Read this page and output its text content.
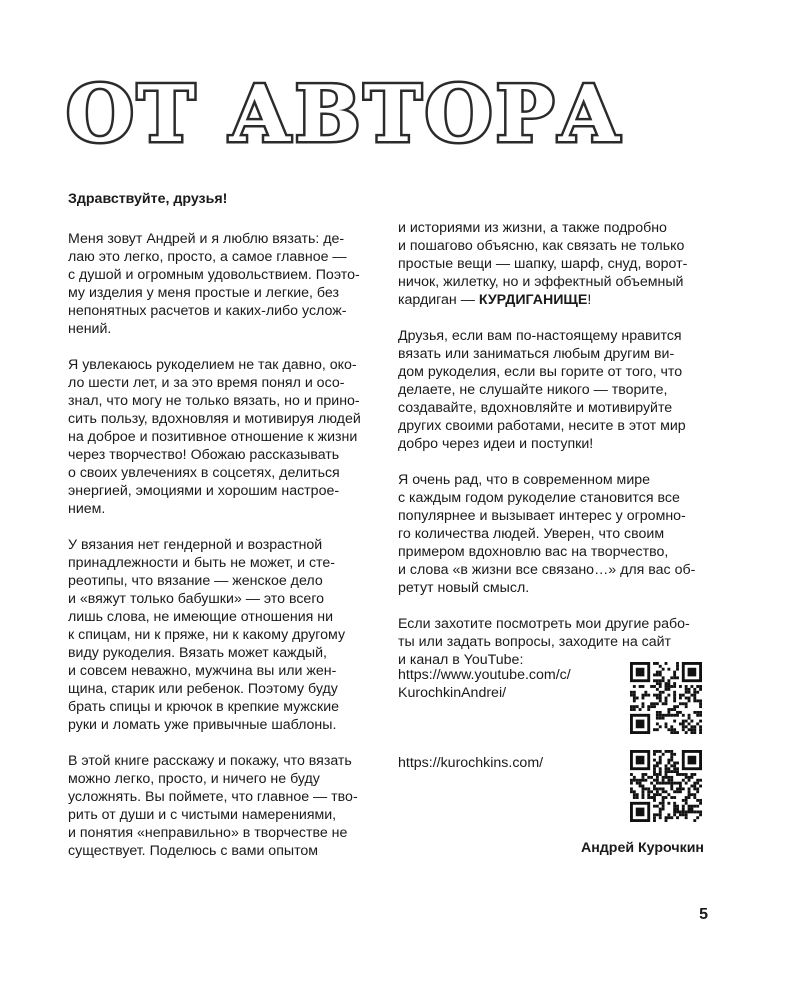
ОТ АВТОРА

Здравствуйте, друзья!

Меня зовут Андрей и я люблю вязать: де-
лаю это легко, просто, а самое главное —
с душой и огромным удовольствием. Поэто-
му изделия у меня простые и легкие, без
непонятных расчетов и каких-либо услож-
нений.

Я увлекаюсь рукоделием не так давно, око-
ло шести лет, и за это время понял и осо-
знал, что могу не только вязать, но и прино-
сить пользу, вдохновляя и мотивируя людей
на доброе и позитивное отношение к жизни
через творчество! Обожаю рассказывать
о своих увлечениях в соцсетях, делиться
энергией, эмоциями и хорошим настрое-
нием.

У вязания нет гендерной и возрастной
принадлежности и быть не может, и сте-
реотипы, что вязание — женское дело
и «вяжут только бабушки» — это всего
лишь слова, не имеющие отношения ни
к спицам, ни к пряже, ни к какому другому
виду рукоделия. Вязать может каждый,
и совсем неважно, мужчина вы или жен-
щина, старик или ребенок. Поэтому буду
брать спицы и крючок в крепкие мужские
руки и ломать уже привычные шаблоны.

В этой книге расскажу и покажу, что вязать
можно легко, просто, и ничего не буду
усложнять. Вы поймете, что главное — тво-
рить от души и с чистыми намерениями,
и понятия «неправильно» в творчестве не
существует. Поделюсь с вами опытом

и историями из жизни, а также подробно
и пошагово объясню, как связать не только
простые вещи — шапку, шарф, снуд, ворот-
ничок, жилетку, но и эффектный объемный
кардиган — КУРДИГАНИЩЕ!

Друзья, если вам по-настоящему нравится
вязать или заниматься любым другим ви-
дом рукоделия, если вы горите от того, что
делаете, не слушайте никого — творите,
создавайте, вдохновляйте и мотивируйте
других своими работами, несите в этот мир
добро через идеи и поступки!

Я очень рад, что в современном мире
с каждым годом рукоделие становится все
популярнее и вызывает интерес у огромно-
го количества людей. Уверен, что своим
примером вдохновлю вас на творчество,
и слова «в жизни все связано…» для вас об-
ретут новый смысл.

Если захотите посмотреть мои другие рабо-
ты или задать вопросы, заходите на сайт
и канал в YouTube:

https://www.youtube.com/c/
KurochkinAndrei/
https://kurochkins.com/
Андрей Курочкин
5
